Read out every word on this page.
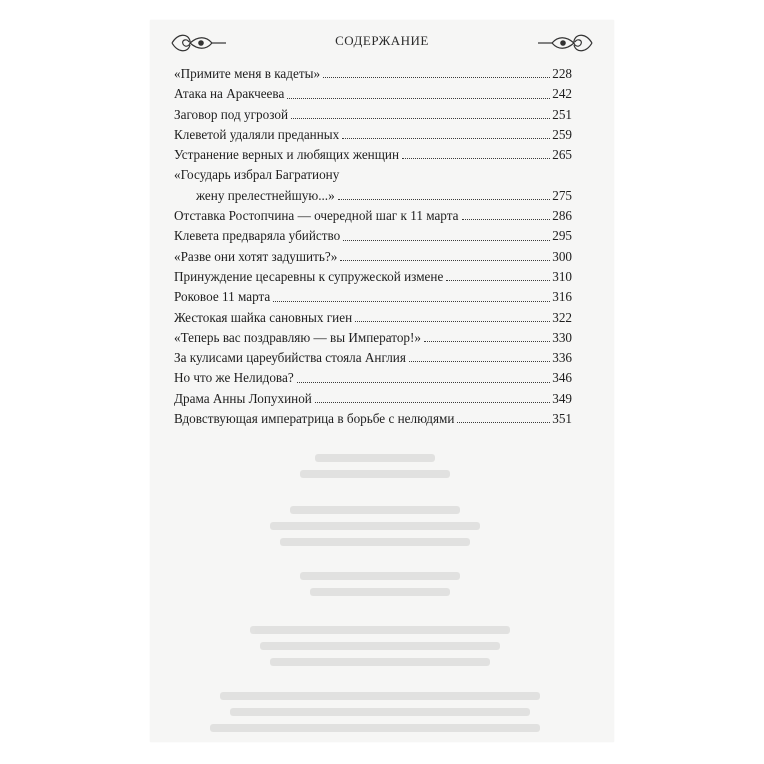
СОДЕРЖАНИЕ
«Примите меня в кадеты»	228
Атака на Аракчеева	242
Заговор под угрозой	251
Клеветой удаляли преданных	259
Устранение верных и любящих женщин	265
«Государь избрал Багратиону
жену прелестнейшую...»	275
Отставка Ростопчина — очередной шаг к 11 марта	286
Клевета предваряла убийство	295
«Разве они хотят задушить?»	300
Принуждение цесаревны к супружеской измене	310
Роковое 11 марта	316
Жестокая шайка сановных гиен	322
«Теперь вас поздравляю — вы Император!»	330
За кулисами цареубийства стояла Англия	336
Но что же Нелидова?	346
Драма Анны Лопухиной	349
Вдовствующая императрица в борьбе с нелюдями	351
